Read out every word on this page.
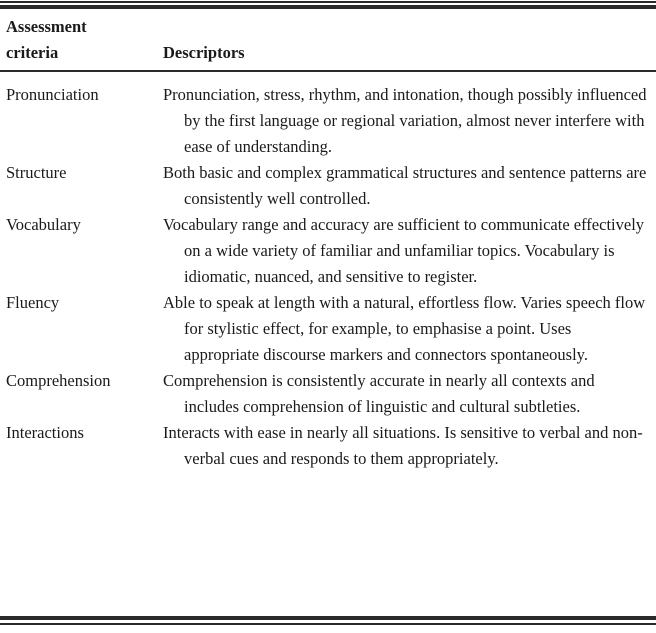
Assessment
criteria	Descriptors
Pronunciation	Pronunciation, stress, rhythm, and intonation, though possibly influenced by the first language or regional variation, almost never interfere with ease of understanding.

Structure	Both basic and complex grammatical structures and sentence patterns are consistently well controlled.

Vocabulary	Vocabulary range and accuracy are sufficient to communicate effectively on a wide variety of familiar and unfamiliar topics. Vocabulary is idiomatic, nuanced, and sensitive to register.

Fluency	Able to speak at length with a natural, effortless flow. Varies speech flow for stylistic effect, for example, to emphasise a point. Uses appropriate discourse markers and connectors spontaneously.

Comprehension	Comprehension is consistently accurate in nearly all contexts and includes comprehension of linguistic and cultural subtleties.

Interactions	Interacts with ease in nearly all situations. Is sensitive to verbal and non-verbal cues and responds to them appropriately.
